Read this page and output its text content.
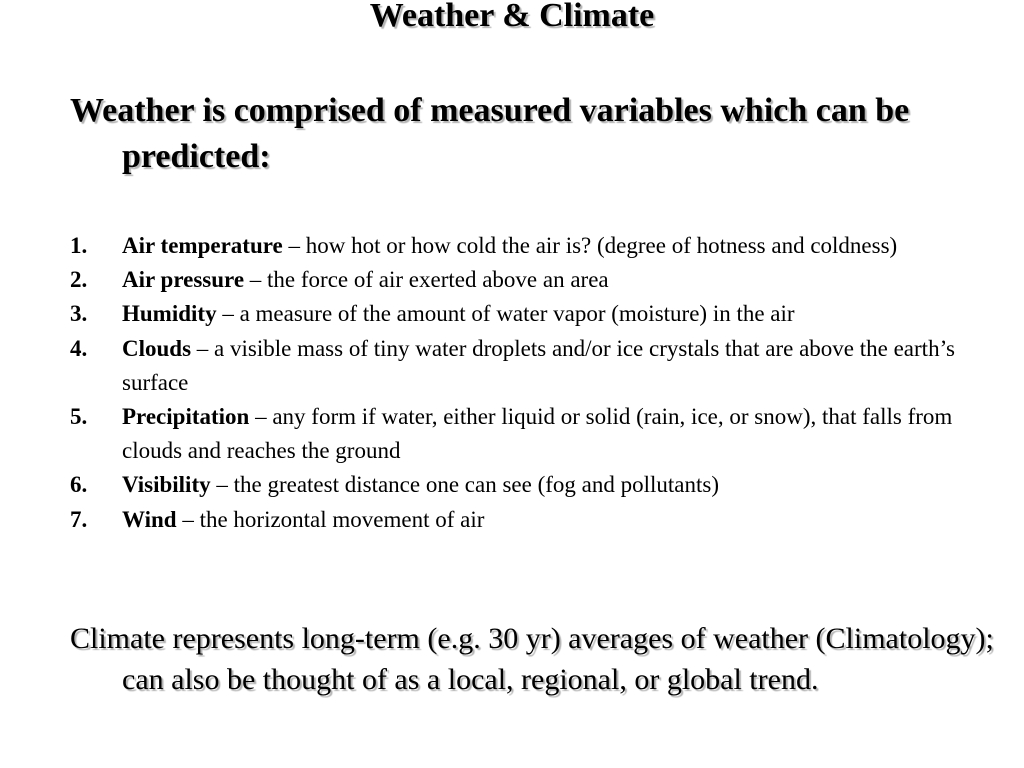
Weather & Climate
Weather is comprised of measured variables which can be predicted:
1. Air temperature – how hot or how cold the air is? (degree of hotness and coldness)
2. Air pressure – the force of air exerted above an area
3. Humidity – a measure of the amount of water vapor (moisture) in the air
4. Clouds – a visible mass of tiny water droplets and/or ice crystals that are above the earth’s surface
5. Precipitation – any form if water, either liquid or solid (rain, ice, or snow), that falls from clouds and reaches the ground
6. Visibility – the greatest distance one can see (fog and pollutants)
7. Wind – the horizontal movement of air
Climate represents long-term (e.g. 30 yr) averages of weather (Climatology); can also be thought of as a local, regional, or global trend.
